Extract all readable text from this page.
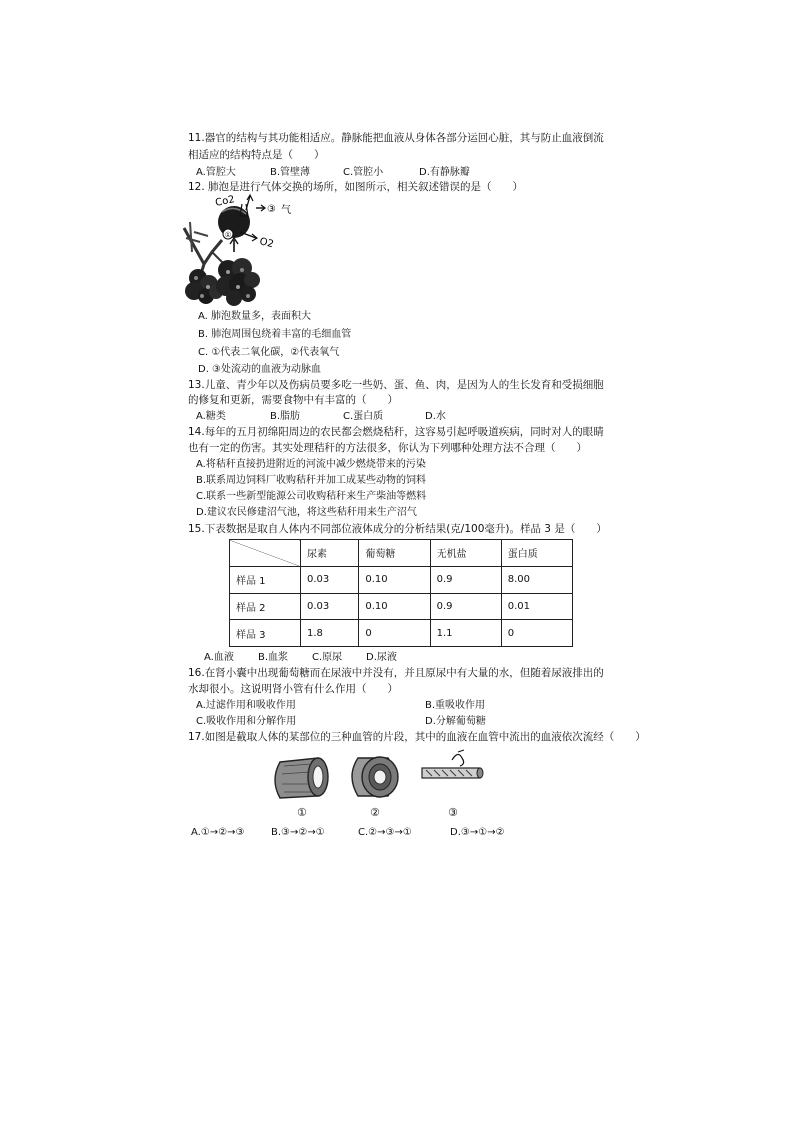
11.器官的结构与其功能相适应。静脉能把血液从身体各部分运回心脏，其与防止血液倒流
相适应的结构特点是（　　）
A.管腔大	B.管壁薄	C.管腔小	D.有静脉瓣
12. 肺泡是进行气体交换的场所，如图所示，相关叙述错误的是（　　）
①
Co2
③ 气
O2
A. 肺泡数量多，表面积大
B. 肺泡周围包绕着丰富的毛细血管
C. ①代表二氧化碳，②代表氧气
D. ③处流动的血液为动脉血
13.儿童、青少年以及伤病员要多吃一些奶、蛋、鱼、肉，是因为人的生长发育和受损细胞
的修复和更新，需要食物中有丰富的（　　）
A.糖类	B.脂肪	C.蛋白质	D.水
14.每年的五月初绵阳周边的农民都会燃烧秸秆，这容易引起呼吸道疾病，同时对人的眼睛
也有一定的伤害。其实处理秸秆的方法很多，你认为下列哪种处理方法不合理（　　）
A.将秸秆直接扔进附近的河流中减少燃烧带来的污染
B.联系周边饲料厂收购秸秆并加工成某些动物的饲料
C.联系一些新型能源公司收购秸秆来生产柴油等燃料
D.建议农民修建沼气池，将这些秸秆用来生产沼气
15.下表数据是取自人体内不同部位液体成分的分析结果(克/100毫升)。样品 3 是（　　）
	尿素	葡萄糖	无机盐	蛋白质
样品 1	0.03	0.10	0.9	8.00
样品 2	0.03	0.10	0.9	0.01
样品 3	1.8	0	1.1	0
A.血液 B.血浆 C.原尿 D.尿液
16.在肾小囊中出现葡萄糖而在尿液中并没有，并且原尿中有大量的水，但随着尿液排出的
水却很小。这说明肾小管有什么作用（　　）
A.过滤作用和吸收作用	B.重吸收作用
C.吸收作用和分解作用	D.分解葡萄糖
17.如图是截取人体的某部位的三种血管的片段，其中的血液在血管中流出的血液依次流经（　　）
①	②	③
A.①→②→③	B.③→②→①	C.②→③→①	D.③→①→②
